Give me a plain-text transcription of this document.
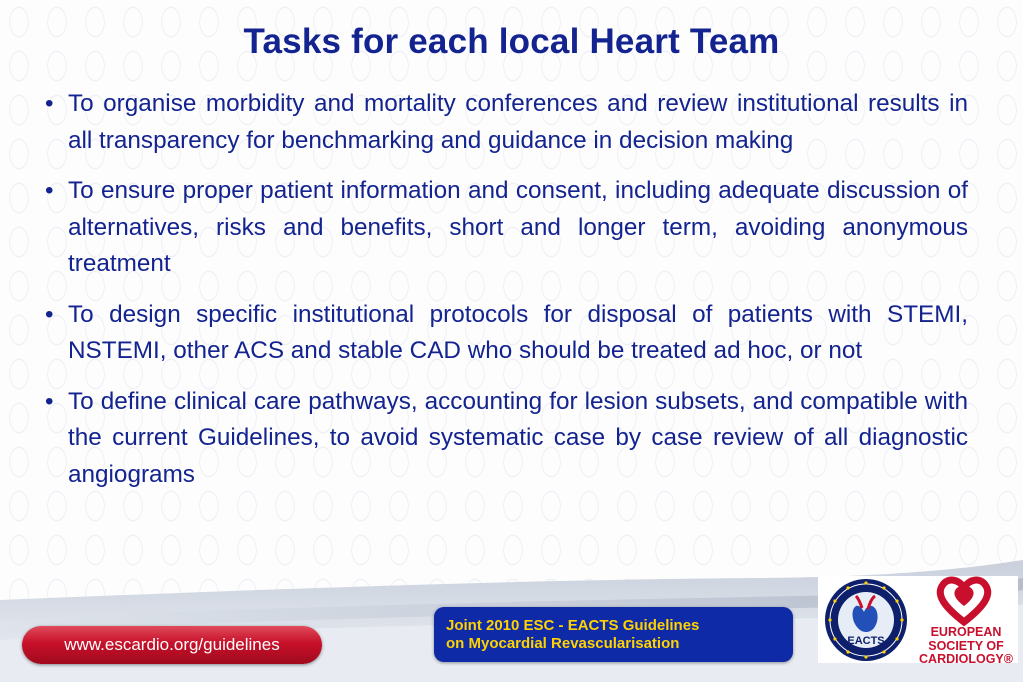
Tasks for each local Heart Team
• To organise morbidity and mortality conferences and review institutional results in all transparency for benchmarking and guidance in decision making
• To ensure proper patient information and consent, including adequate discussion of alternatives, risks and benefits, short and longer term, avoiding anonymous treatment
• To design specific institutional protocols for disposal of patients with STEMI, NSTEMI, other ACS and stable CAD who should be treated ad hoc, or not
• To define clinical care pathways, accounting for lesion subsets, and compatible with the current Guidelines, to avoid systematic case by case review of all diagnostic angiograms
www.escardio.org/guidelines
Joint 2010 ESC - EACTS Guidelines
on Myocardial Revascularisation	EACTS
EUROPEAN
SOCIETY OF
CARDIOLOGY®
